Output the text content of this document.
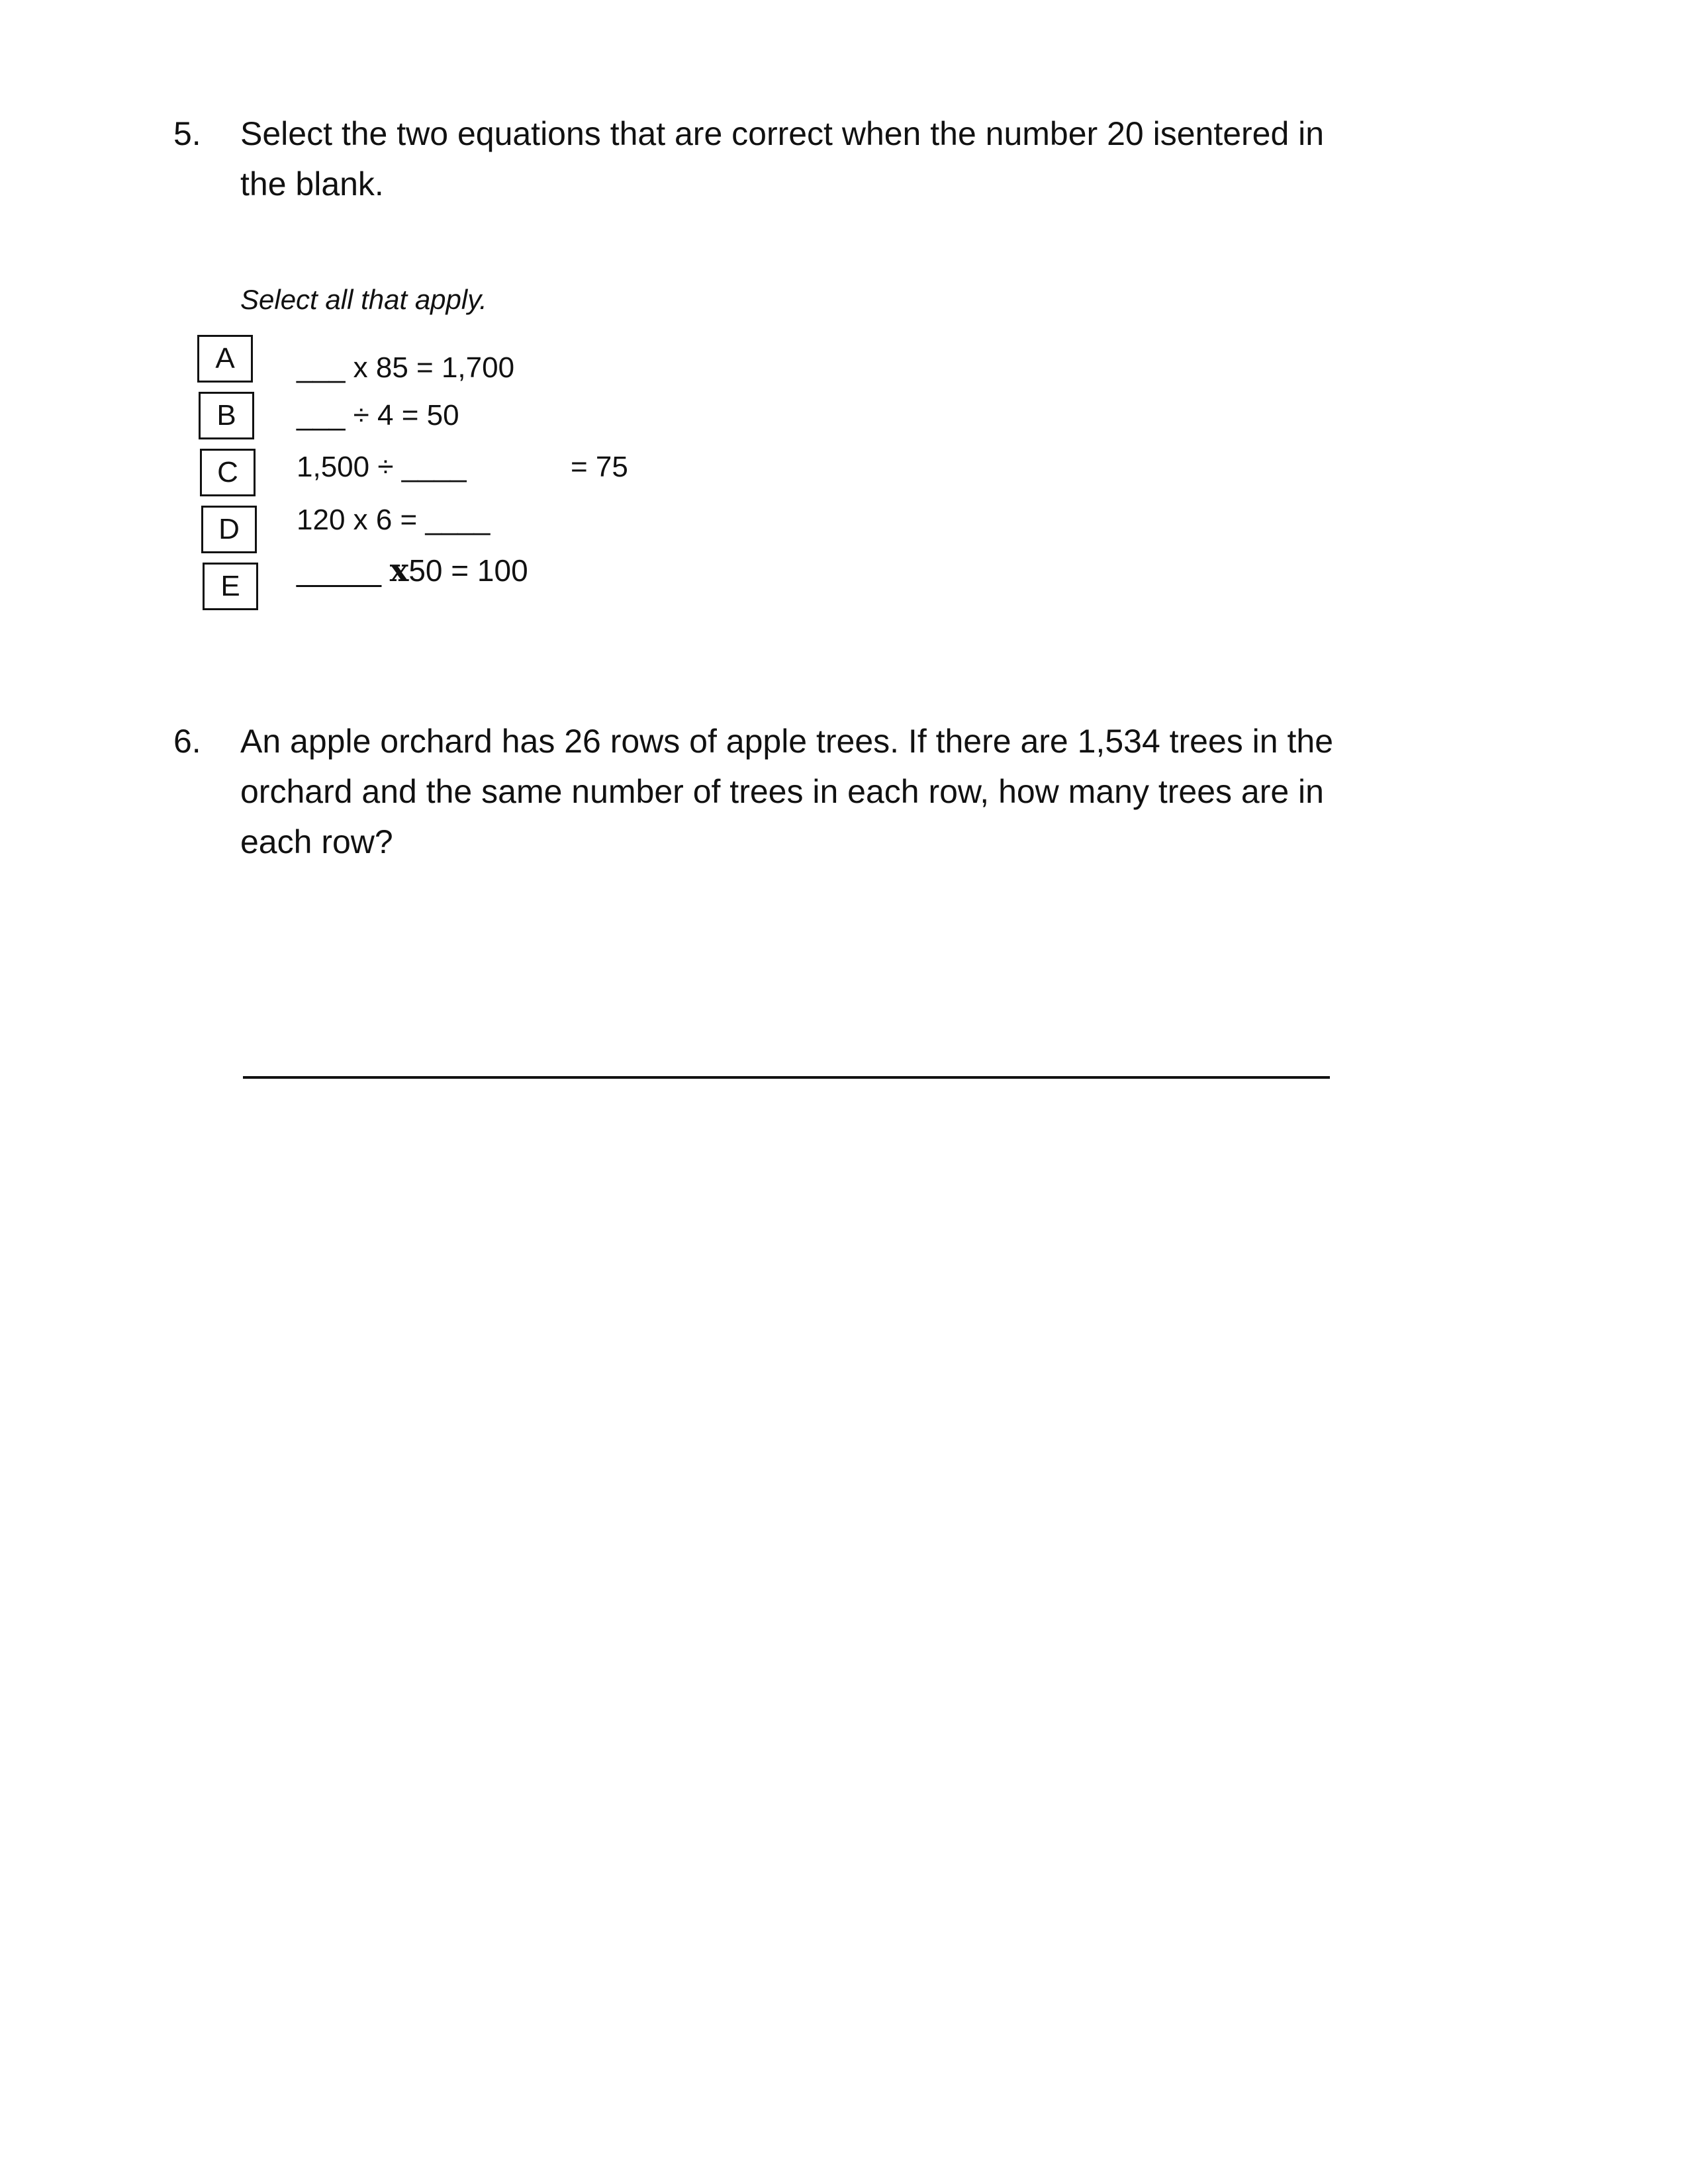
5. Select the two equations that are correct when the number 20 isentered in
the blank.
Select all that apply.
A ___ x 85 = 1,700
B ___ ÷ 4 = 50
C 1,500 ÷ ____	= 75
D 120 x 6 = ____
E _____ x50 = 100
6. An apple orchard has 26 rows of apple trees. If there are 1,534 trees in the
orchard and the same number of trees in each row, how many trees are in
each row?
